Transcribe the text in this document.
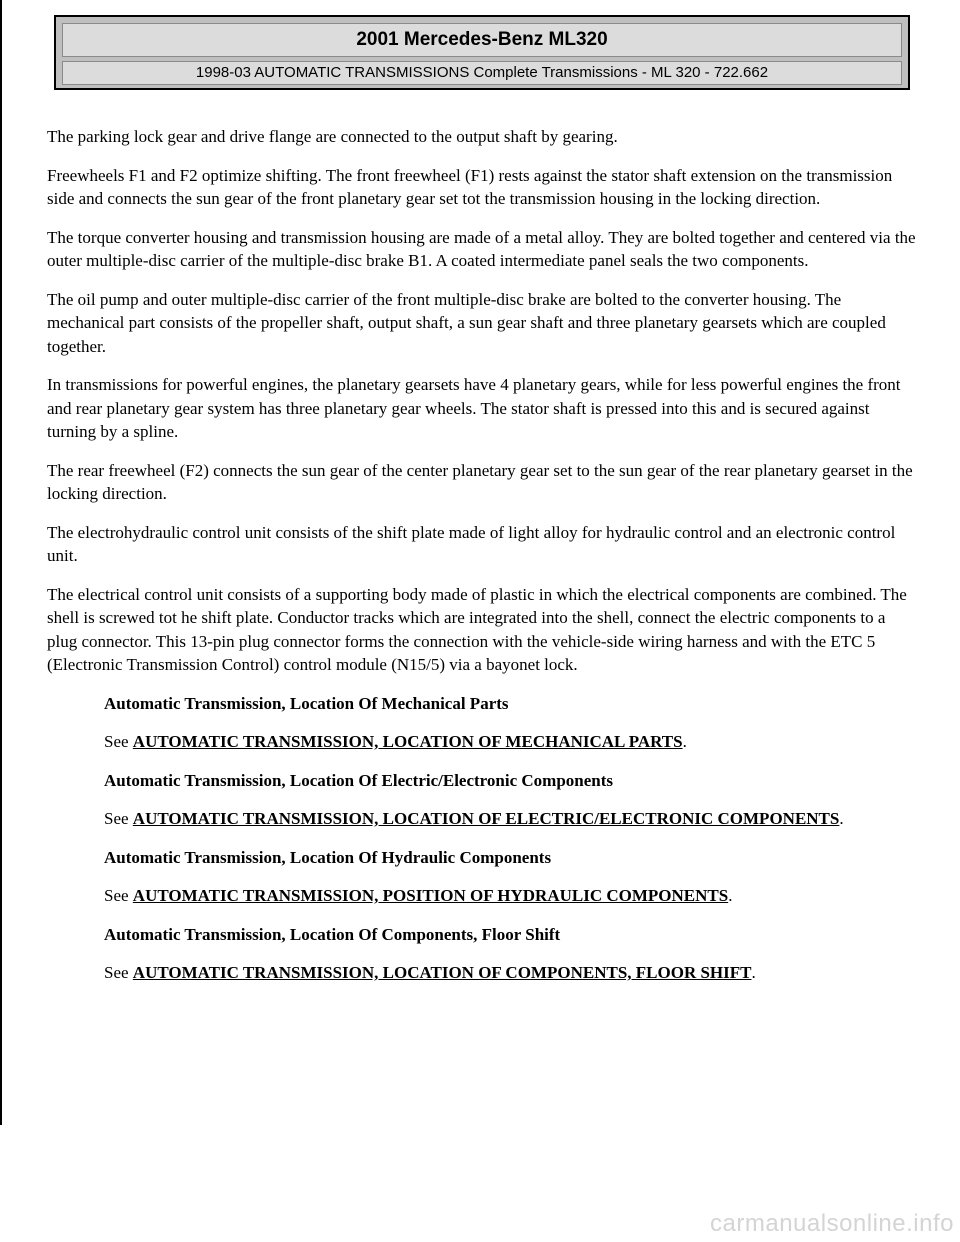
2001 Mercedes-Benz ML320
1998-03 AUTOMATIC TRANSMISSIONS Complete Transmissions - ML 320 - 722.662

The parking lock gear and drive flange are connected to the output shaft by gearing.

Freewheels F1 and F2 optimize shifting. The front freewheel (F1) rests against the stator shaft extension on the transmission side and connects the sun gear of the front planetary gear set tot the transmission housing in the locking direction.

The torque converter housing and transmission housing are made of a metal alloy. They are bolted together and centered via the outer multiple-disc carrier of the multiple-disc brake B1. A coated intermediate panel seals the two components.

The oil pump and outer multiple-disc carrier of the front multiple-disc brake are bolted to the converter housing. The mechanical part consists of the propeller shaft, output shaft, a sun gear shaft and three planetary gearsets which are coupled together.

In transmissions for powerful engines, the planetary gearsets have 4 planetary gears, while for less powerful engines the front and rear planetary gear system has three planetary gear wheels. The stator shaft is pressed into this and is secured against turning by a spline.

The rear freewheel (F2) connects the sun gear of the center planetary gear set to the sun gear of the rear planetary gearset in the locking direction.

The electrohydraulic control unit consists of the shift plate made of light alloy for hydraulic control and an electronic control unit.

The electrical control unit consists of a supporting body made of plastic in which the electrical components are combined. The shell is screwed tot he shift plate. Conductor tracks which are integrated into the shell, connect the electric components to a plug connector. This 13-pin plug connector forms the connection with the vehicle-side wiring harness and with the ETC 5 (Electronic Transmission Control) control module (N15/5) via a bayonet lock.

Automatic Transmission, Location Of Mechanical Parts

See AUTOMATIC TRANSMISSION, LOCATION OF MECHANICAL PARTS.

Automatic Transmission, Location Of Electric/Electronic Components

See AUTOMATIC TRANSMISSION, LOCATION OF ELECTRIC/ELECTRONIC COMPONENTS.

Automatic Transmission, Location Of Hydraulic Components

See AUTOMATIC TRANSMISSION, POSITION OF HYDRAULIC COMPONENTS.

Automatic Transmission, Location Of Components, Floor Shift

See AUTOMATIC TRANSMISSION, LOCATION OF COMPONENTS, FLOOR SHIFT.

carmanualsonline.info
